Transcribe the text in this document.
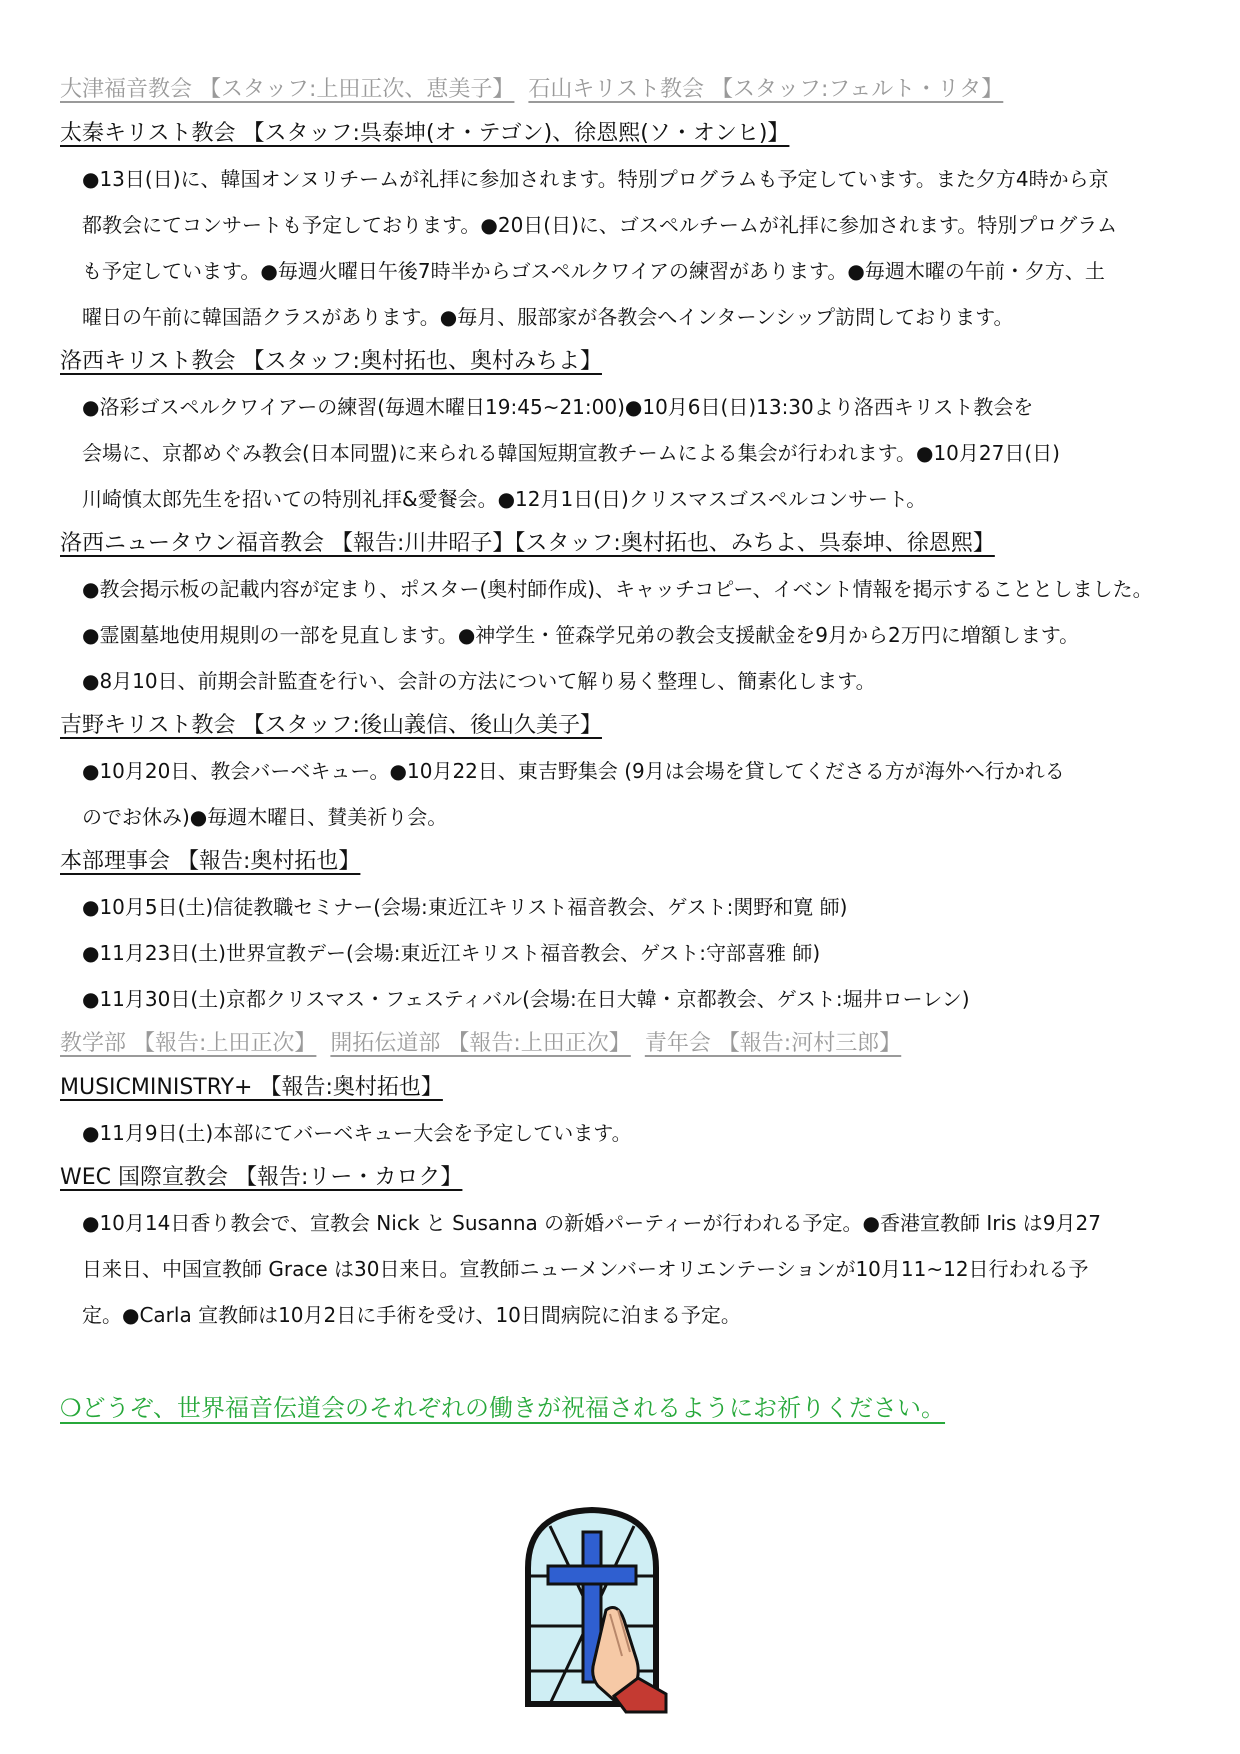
大津福音教会 【スタッフ:上田正次、恵美子】 石山キリスト教会 【スタッフ:フェルト・リタ】
太秦キリスト教会 【スタッフ:呉泰坤(オ・テゴン)、徐恩熙(ソ・オンヒ)】

●13日(日)に、韓国オンヌリチームが礼拝に参加されます。特別プログラムも予定しています。また夕方4時から京

都教会にてコンサートも予定しております。●20日(日)に、ゴスペルチームが礼拝に参加されます。特別プログラム

も予定しています。●毎週火曜日午後7時半からゴスペルクワイアの練習があります。●毎週木曜の午前・夕方、土

曜日の午前に韓国語クラスがあります。●毎月、服部家が各教会へインターンシップ訪問しております。

洛西キリスト教会 【スタッフ:奥村拓也、奥村みちよ】

●洛彩ゴスペルクワイアーの練習(毎週木曜日19:45~21:00)●10月6日(日)13:30より洛西キリスト教会を

会場に、京都めぐみ教会(日本同盟)に来られる韓国短期宣教チームによる集会が行われます。●10月27日(日)

川崎慎太郎先生を招いての特別礼拝&愛餐会。●12月1日(日)クリスマスゴスペルコンサート。

洛西ニュータウン福音教会 【報告:川井昭子】【スタッフ:奥村拓也、みちよ、呉泰坤、徐恩熙】

●教会掲示板の記載内容が定まり、ポスター(奥村師作成)、キャッチコピー、イベント情報を掲示することとしました。

●霊園墓地使用規則の一部を見直します。●神学生・笹森学兄弟の教会支援献金を9月から2万円に増額します。

●8月10日、前期会計監査を行い、会計の方法について解り易く整理し、簡素化します。

吉野キリスト教会 【スタッフ:後山義信、後山久美子】

●10月20日、教会バーベキュー。●10月22日、東吉野集会 (9月は会場を貸してくださる方が海外へ行かれる

のでお休み)●毎週木曜日、賛美祈り会。

本部理事会 【報告:奥村拓也】

●10月5日(土)信徒教職セミナー(会場:東近江キリスト福音教会、ゲスト:関野和寛 師)

●11月23日(土)世界宣教デー(会場:東近江キリスト福音教会、ゲスト:守部喜雅 師)

●11月30日(土)京都クリスマス・フェスティバル(会場:在日大韓・京都教会、ゲスト:堀井ローレン)

教学部 【報告:上田正次】 開拓伝道部 【報告:上田正次】 青年会 【報告:河村三郎】
MUSICMINISTRY+ 【報告:奥村拓也】

●11月9日(土)本部にてバーベキュー大会を予定しています。

WEC 国際宣教会 【報告:リー・カロク】

●10月14日香り教会で、宣教会 Nick と Susanna の新婚パーティーが行われる予定。●香港宣教師 Iris は9月27

日来日、中国宣教師 Grace は30日来日。宣教師ニューメンバーオリエンテーションが10月11~12日行われる予

定。●Carla 宣教師は10月2日に手術を受け、10日間病院に泊まる予定。

❍どうぞ、世界福音伝道会のそれぞれの働きが祝福されるようにお祈りください。
